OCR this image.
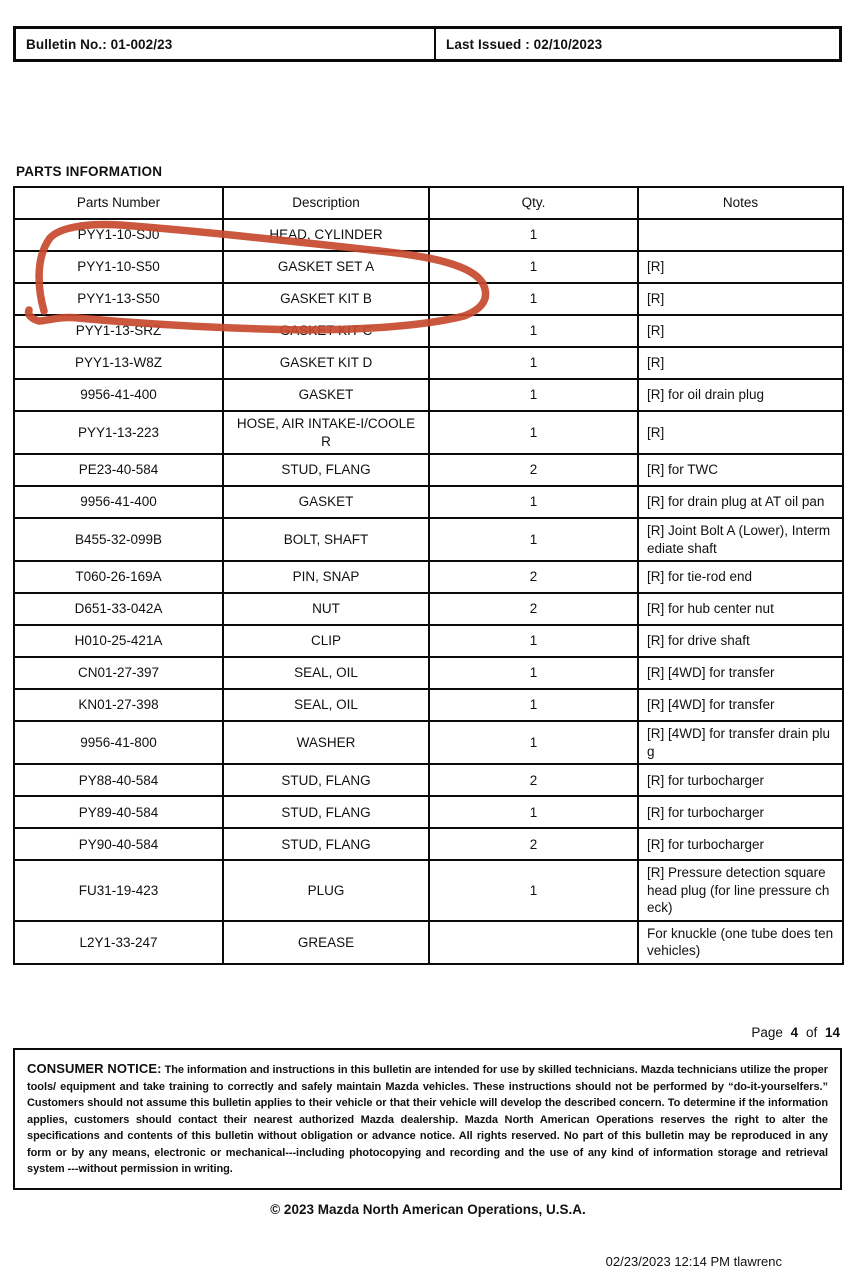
Bulletin No.: 01-002/23	Last Issued : 02/10/2023
PARTS INFORMATION
Parts Number	Description	Qty.	Notes
PYY1-10-SJ0	HEAD, CYLINDER	1	
PYY1-10-S50	GASKET SET A	1	[R]
PYY1-13-S50	GASKET KIT B	1	[R]
PYY1-13-SRZ	GASKET KIT C	1	[R]
PYY1-13-W8Z	GASKET KIT D	1	[R]
9956-41-400	GASKET	1	[R] for oil drain plug
PYY1-13-223	HOSE, AIR INTAKE-I/COOLER	1	[R]
PE23-40-584	STUD, FLANG	2	[R] for TWC
9956-41-400	GASKET	1	[R] for drain plug at AT oil pan
B455-32-099B	BOLT, SHAFT	1	[R] Joint Bolt A (Lower), Intermediate shaft
T060-26-169A	PIN, SNAP	2	[R] for tie-rod end
D651-33-042A	NUT	2	[R] for hub center nut
H010-25-421A	CLIP	1	[R] for drive shaft
CN01-27-397	SEAL, OIL	1	[R] [4WD] for transfer
KN01-27-398	SEAL, OIL	1	[R] [4WD] for transfer
9956-41-800	WASHER	1	[R] [4WD] for transfer drain plug
PY88-40-584	STUD, FLANG	2	[R] for turbocharger
PY89-40-584	STUD, FLANG	1	[R] for turbocharger
PY90-40-584	STUD, FLANG	2	[R] for turbocharger
FU31-19-423	PLUG	1	[R] Pressure detection square head plug (for line pressure check)
L2Y1-33-247	GREASE		For knuckle (one tube does ten vehicles)
Page 4 of 14

CONSUMER NOTICE: The information and instructions in this bulletin are intended for use by skilled technicians. Mazda technicians utilize the proper tools/ equipment and take training to correctly and safely maintain Mazda vehicles. These instructions should not be performed by “do-it-yourselfers.” Customers should not assume this bulletin applies to their vehicle or that their vehicle will develop the described concern. To determine if the information applies, customers should contact their nearest authorized Mazda dealership. Mazda North American Operations reserves the right to alter the specifications and contents of this bulletin without obligation or advance notice. All rights reserved. No part of this bulletin may be reproduced in any form or by any means, electronic or mechanical---including photocopying and recording and the use of any kind of information storage and retrieval system ---without permission in writing.

© 2023 Mazda North American Operations, U.S.A.
02/23/2023 12:14 PM tlawrenc
